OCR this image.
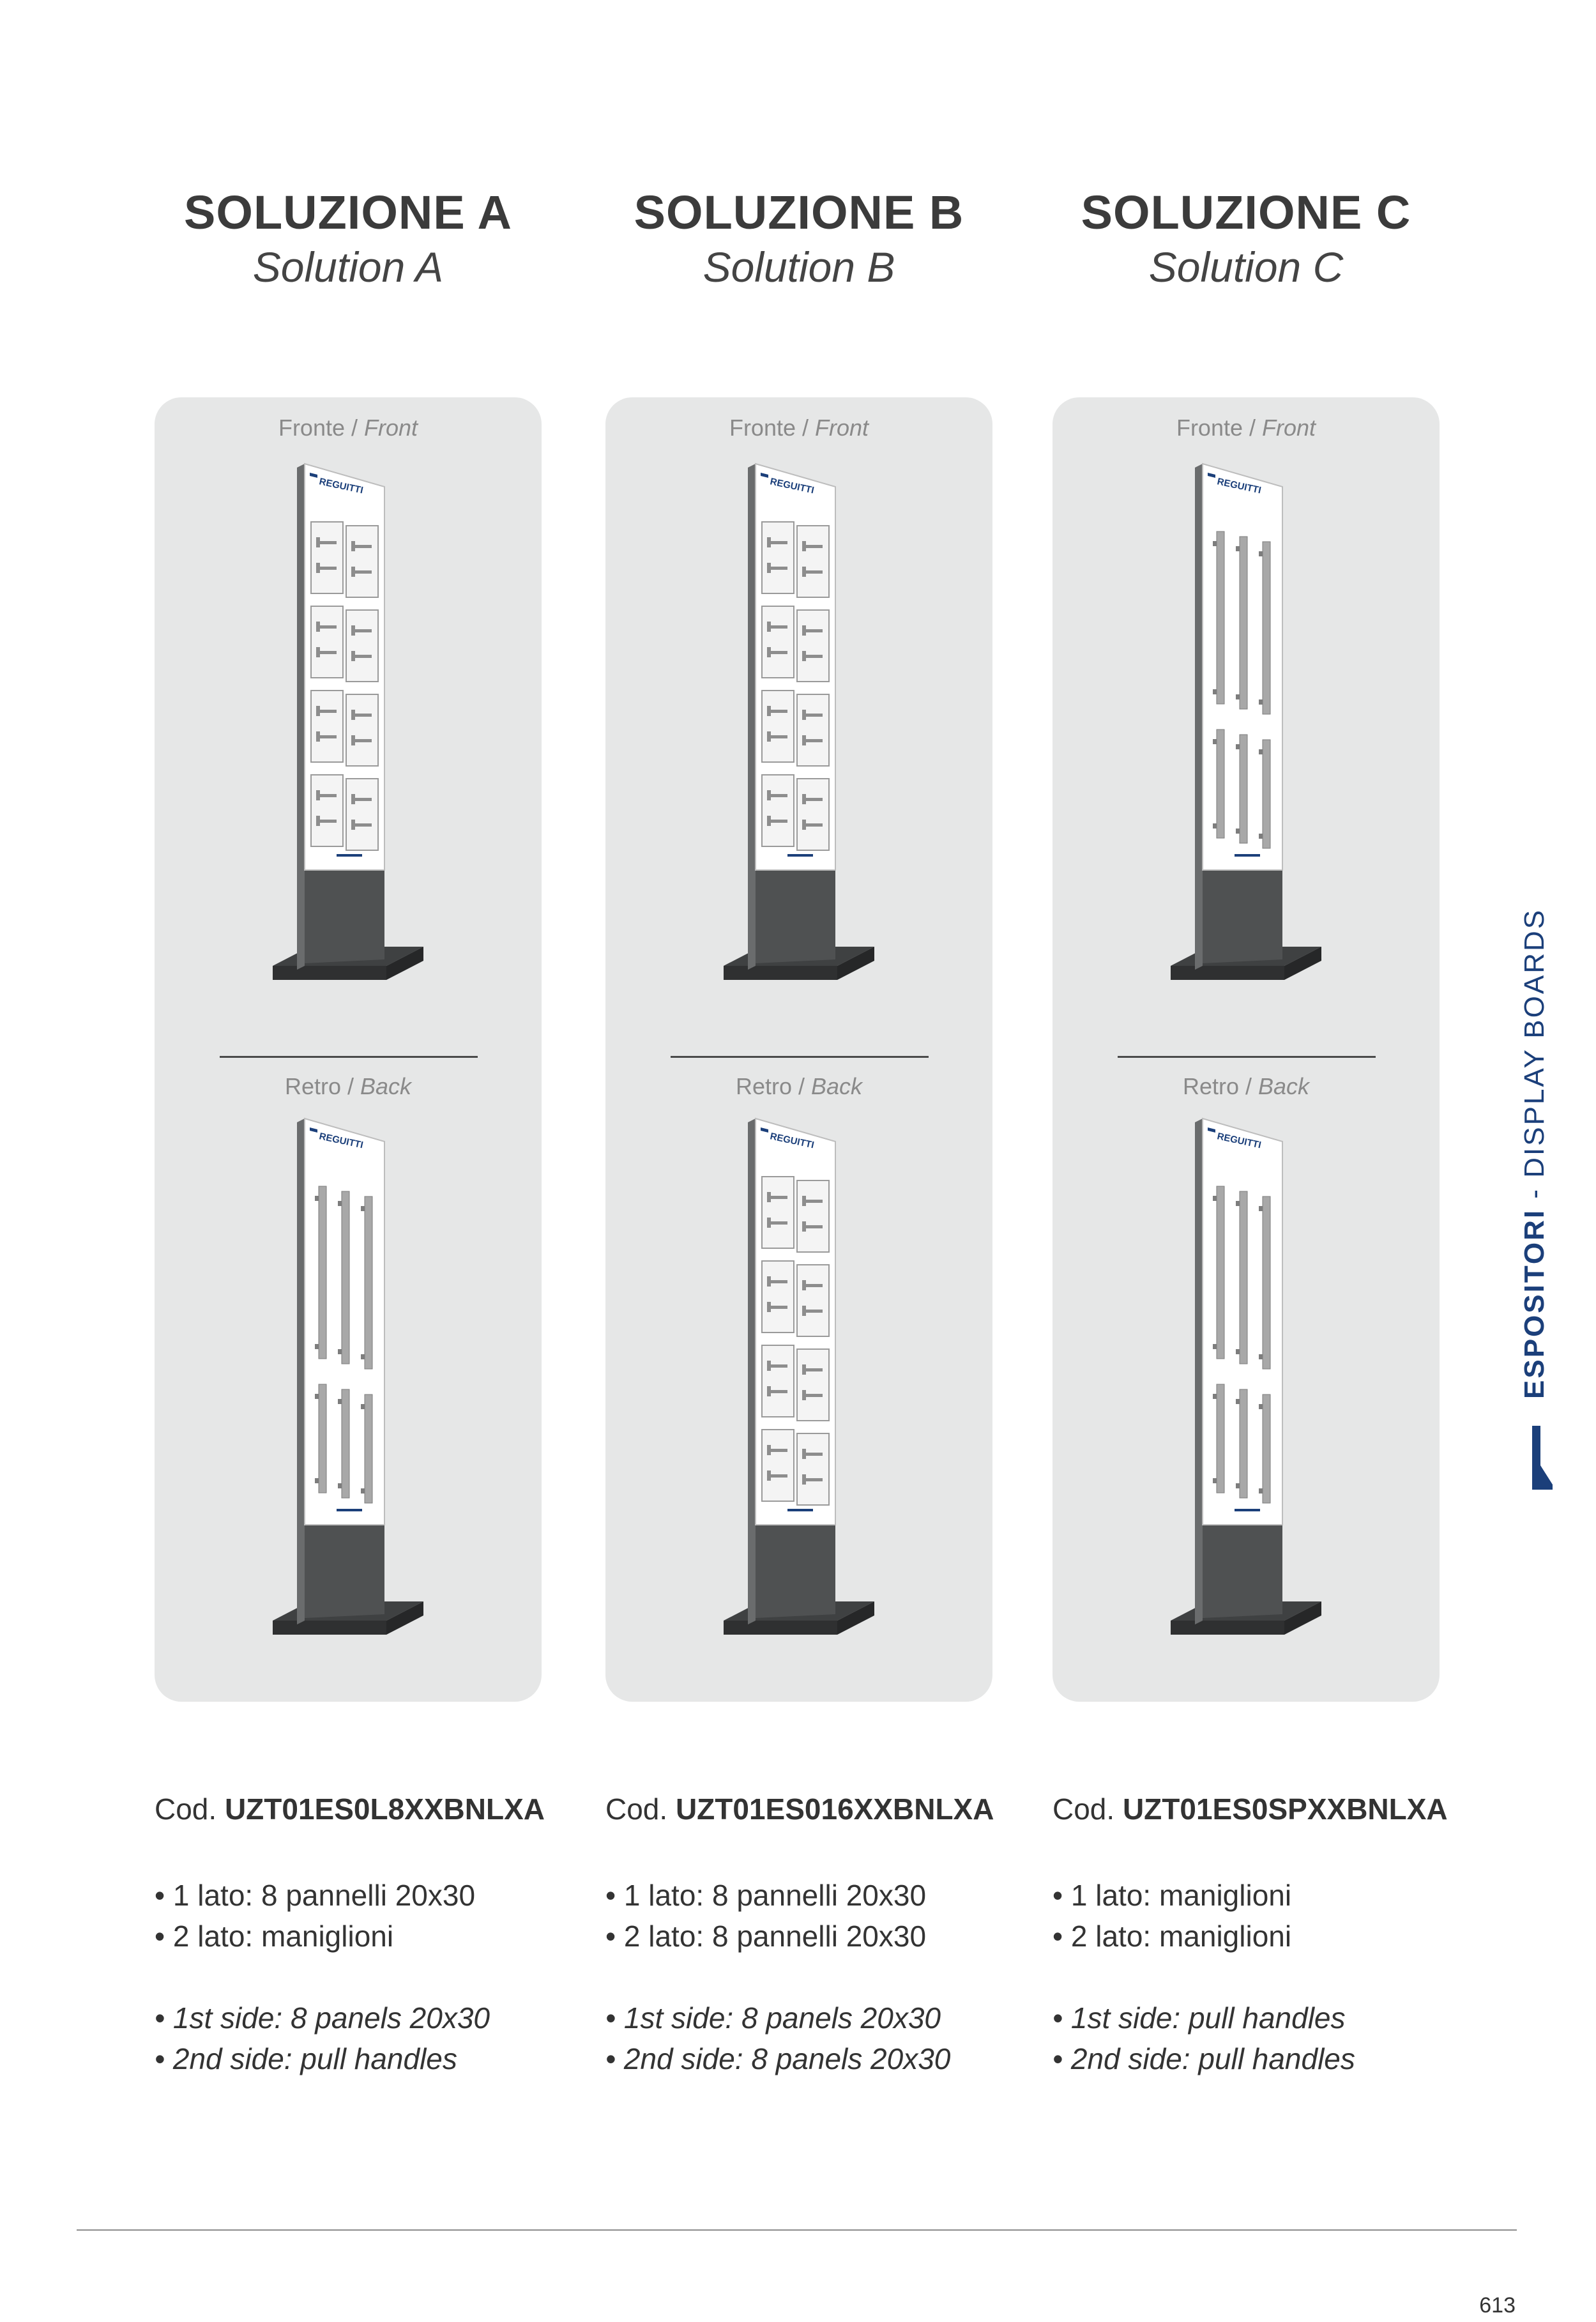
SOLUZIONE A
Solution A
Fronte / Front
REGUITTI
Retro / Back
REGUITTI
Cod. UZT01ES0L8XXBNLXA
• 1 lato: 8 pannelli 20x30
• 2 lato: maniglioni
• 1st side: 8 panels 20x30
• 2nd side: pull handles
SOLUZIONE B
Solution B
Fronte / Front
REGUITTI
Retro / Back
REGUITTI
Cod. UZT01ES016XXBNLXA
• 1 lato: 8 pannelli 20x30
• 2 lato: 8 pannelli 20x30
• 1st side: 8 panels 20x30
• 2nd side: 8 panels 20x30
SOLUZIONE C
Solution C
Fronte / Front
REGUITTI
Retro / Back
REGUITTI
Cod. UZT01ES0SPXXBNLXA
• 1 lato: maniglioni
• 2 lato: maniglioni
• 1st side: pull handles
• 2nd side: pull handles
ESPOSITORI - DISPLAY BOARDS
613
